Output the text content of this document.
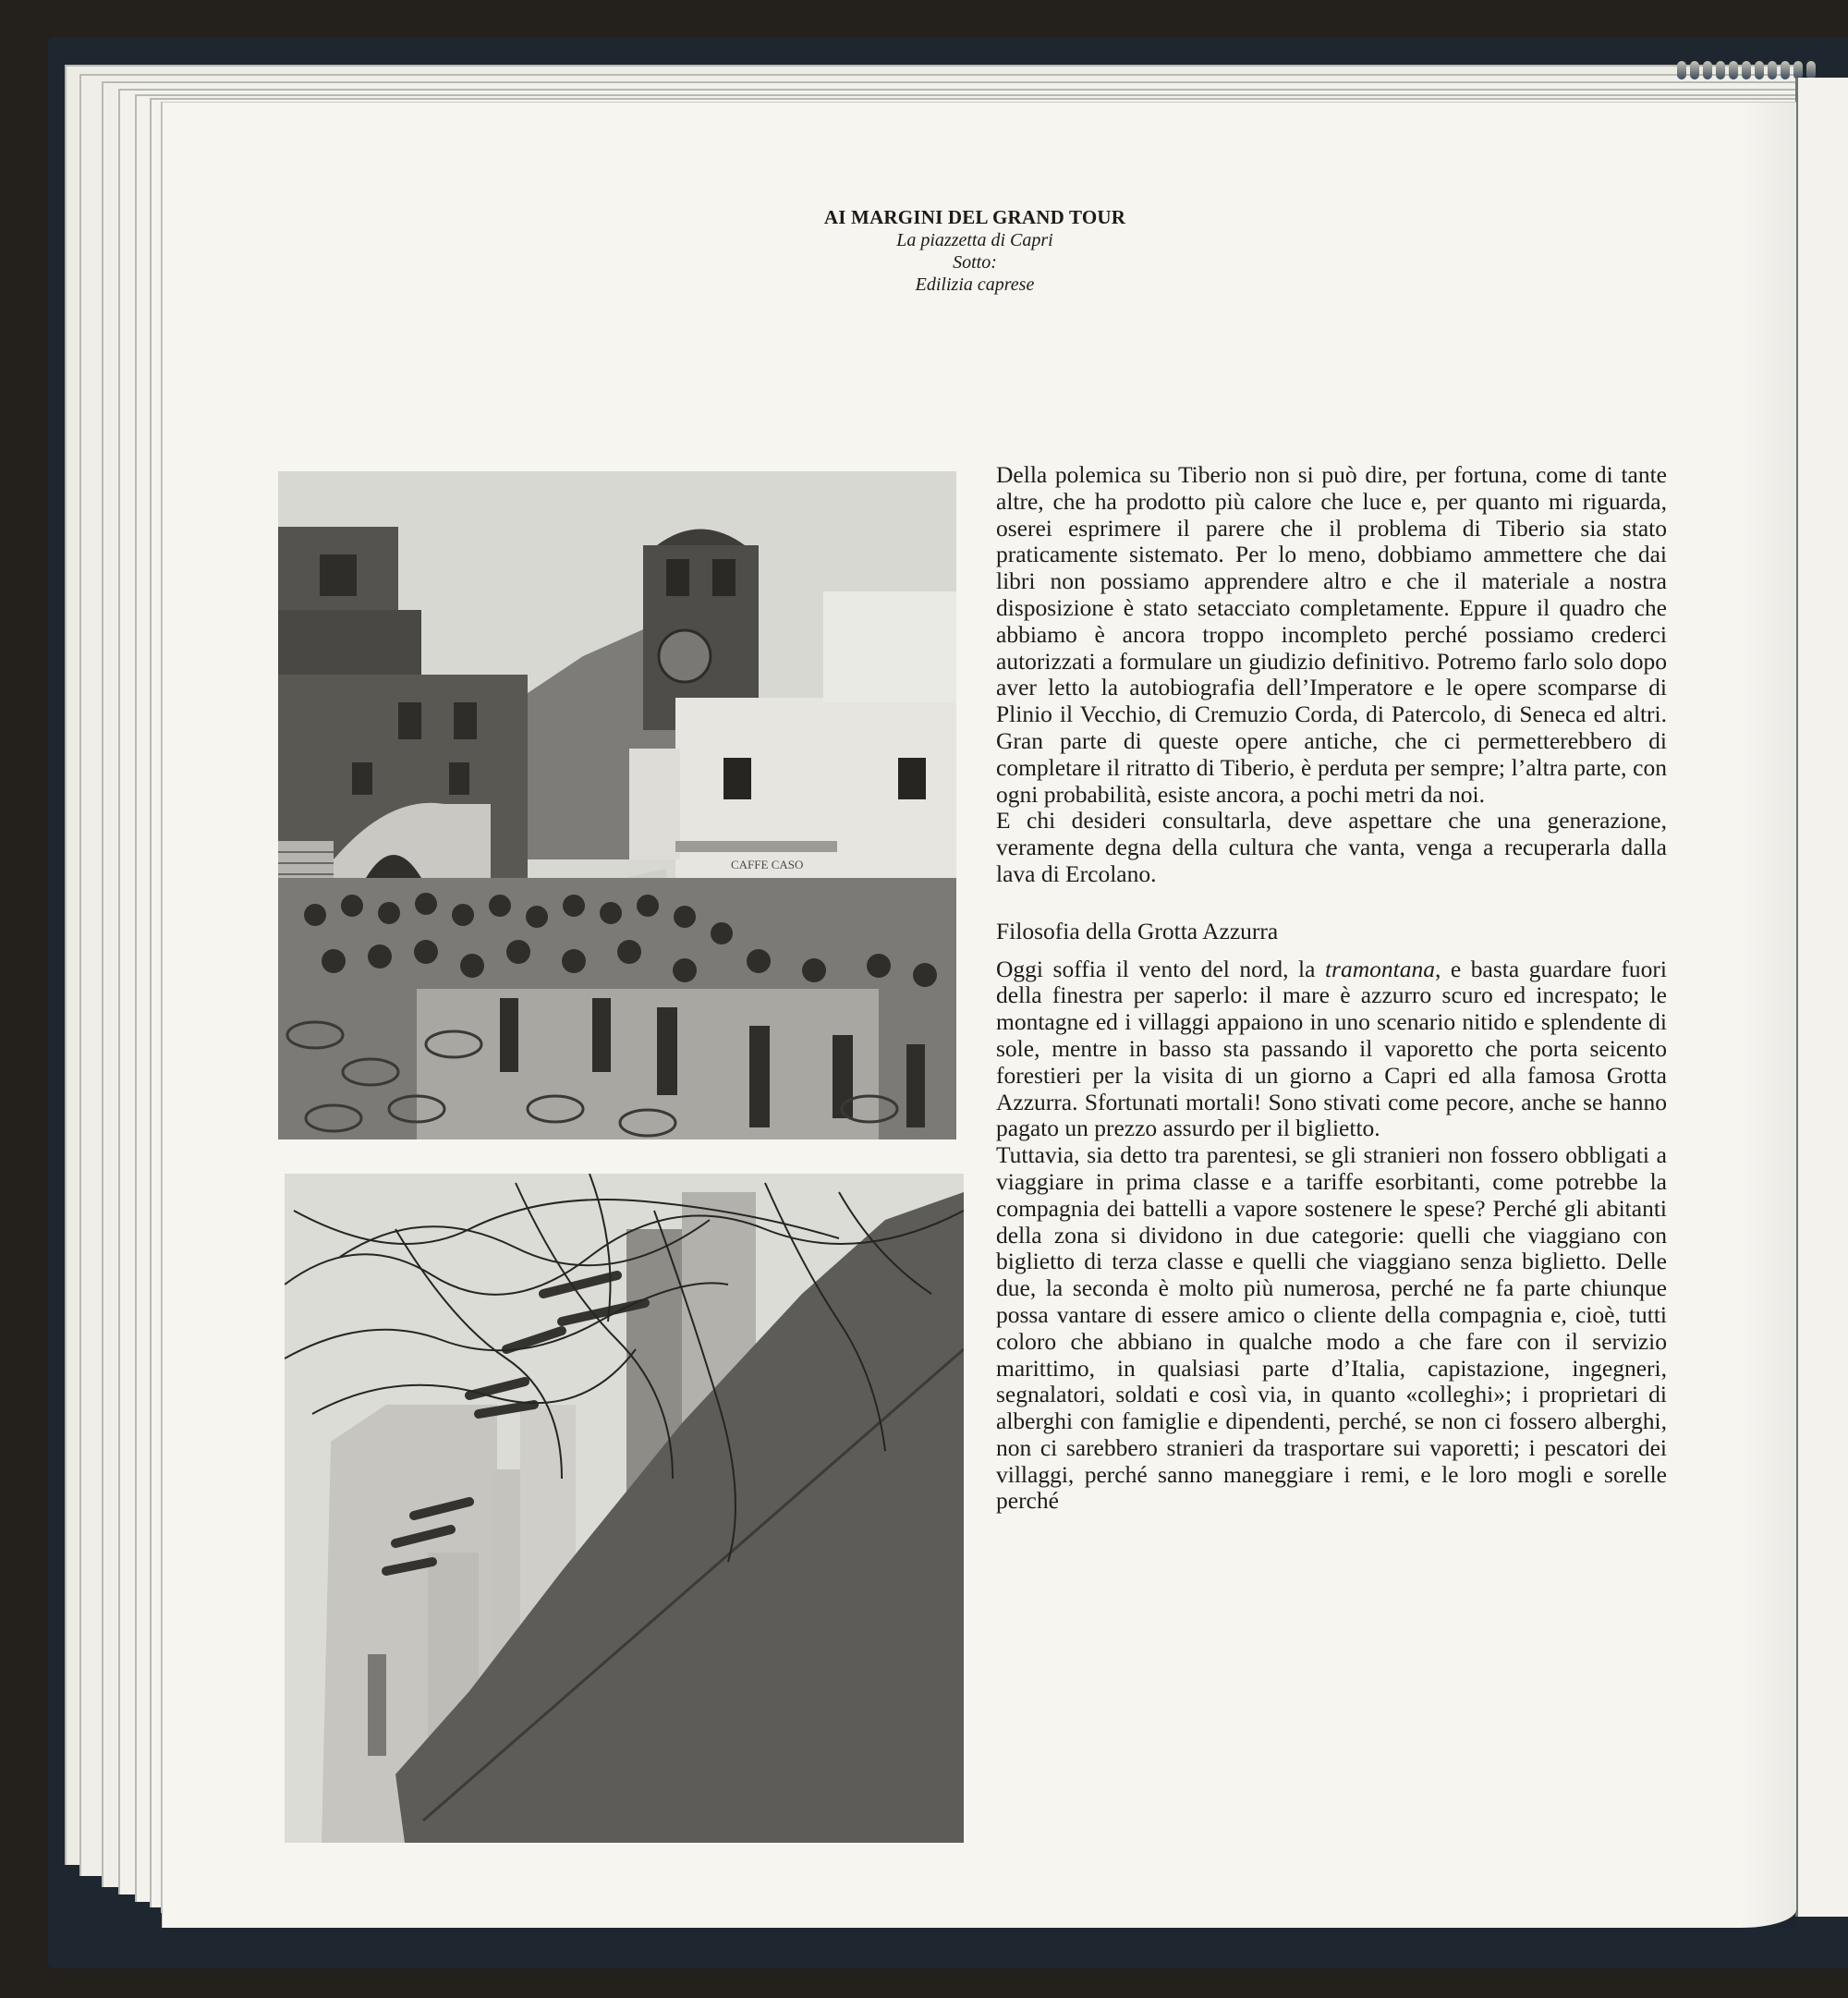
AI MARGINI DEL GRAND TOUR
La piazzetta di Capri
Sotto:
Edilizia caprese
CAFFE CASO

Della polemica su Tiberio non si può dire, per fortuna, come di tante altre, che ha prodotto più calore che luce e, per quanto mi riguarda, oserei esprimere il parere che il problema di Tiberio sia stato praticamente sistemato. Per lo meno, dobbiamo ammettere che dai libri non possiamo apprendere altro e che il materiale a nostra disposizione è stato setacciato completamente. Eppure il quadro che abbiamo è ancora troppo incompleto perché possiamo crederci autorizzati a formulare un giudizio definitivo. Potremo farlo solo dopo aver letto la autobiografia dell’Imperatore e le opere scomparse di Plinio il Vecchio, di Cremuzio Corda, di Patercolo, di Seneca ed altri. Gran parte di queste opere antiche, che ci permetterebbero di completare il ritratto di Tiberio, è perduta per sempre; l’altra parte, con ogni probabilità, esiste ancora, a pochi metri da noi.

E chi desideri consultarla, deve aspettare che una generazione, veramente degna della cultura che vanta, venga a recuperarla dalla lava di Ercolano.

Filosofia della Grotta Azzurra

Oggi soffia il vento del nord, la tramontana, e basta guardare fuori della finestra per saperlo: il mare è azzurro scuro ed increspato; le montagne ed i villaggi appaiono in uno scenario nitido e splendente di sole, mentre in basso sta passando il vaporetto che porta seicento forestieri per la visita di un giorno a Capri ed alla famosa Grotta Azzurra. Sfortunati mortali! Sono stivati come pecore, anche se hanno pagato un prezzo assurdo per il biglietto.

Tuttavia, sia detto tra parentesi, se gli stranieri non fossero obbligati a viaggiare in prima classe e a tariffe esorbitanti, come potrebbe la compagnia dei battelli a vapore sostenere le spese? Perché gli abitanti della zona si dividono in due categorie: quelli che viaggiano con biglietto di terza classe e quelli che viaggiano senza biglietto. Delle due, la seconda è molto più numerosa, perché ne fa parte chiunque possa vantare di essere amico o cliente della compagnia e, cioè, tutti coloro che abbiano in qualche modo a che fare con il servizio marittimo, in qualsiasi parte d’Italia, capistazione, ingegneri, segnalatori, soldati e così via, in quanto «colleghi»; i proprietari di alberghi con famiglie e dipendenti, perché, se non ci fossero alberghi, non ci sarebbero stranieri da trasportare sui vaporetti; i pescatori dei villaggi, perché sanno maneggiare i remi, e le loro mogli e sorelle perché
